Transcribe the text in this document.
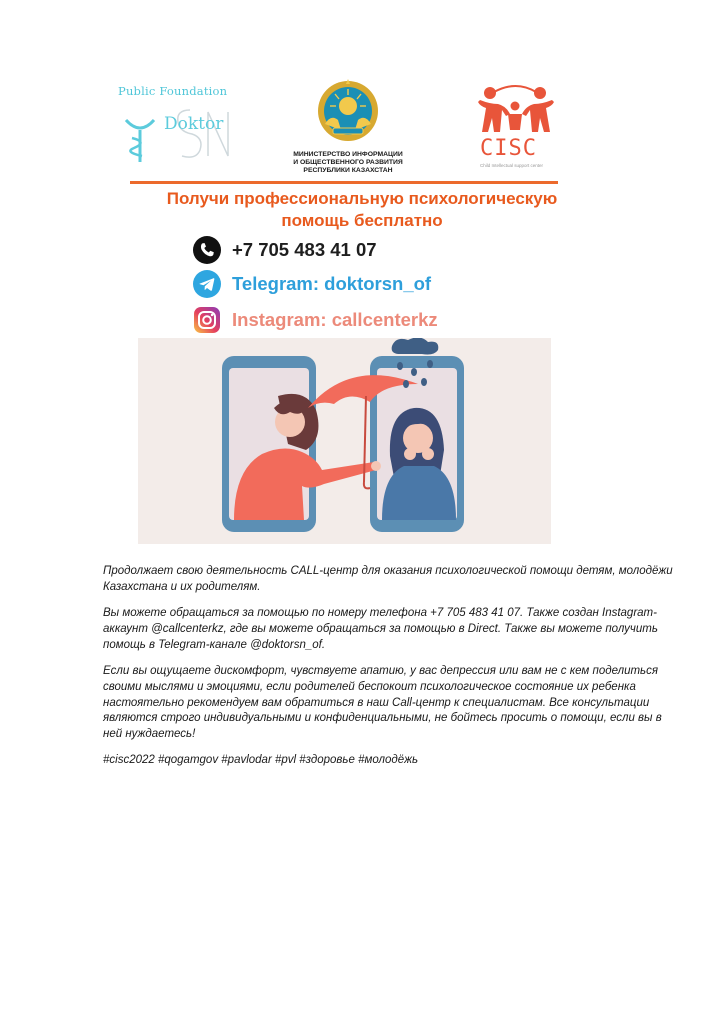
Public Foundation
Doktor
МИНИСТЕРСТВО ИНФОРМАЦИИ
И ОБЩЕСТВЕННОГО РАЗВИТИЯ
РЕСПУБЛИКИ КАЗАХСТАН
CISC
Child Intellectual support center
Получи профессиональную психологическую
помощь бесплатно
+7 705 483 41 07
Telegram: doktorsn_of
Instagram: callcenterkz

Продолжает свою деятельность CALL-центр для оказания психологической помощи детям, молодёжи Казахстана и их родителям.

Вы можете обращаться за помощью по номеру телефона +7 705 483 41 07. Также создан Instagram-аккаунт @callcenterkz, где вы можете обращаться за помощью в Direct. Также вы можете получить помощь в Telegram-канале @doktorsn_of.

Если вы ощущаете дискомфорт, чувствуете апатию, у вас депрессия или вам не с кем поделиться своими мыслями и эмоциями, если родителей беспокоит психологическое состояние их ребенка настоятельно рекомендуем вам обратиться в наш Call-центр к специалистам. Все консультации являются строго индивидуальными и конфиденциальными, не бойтесь просить о помощи, если вы в ней нуждаетесь!

#cisc2022 #qogamgov #pavlodar #pvl #здоровье #молодёжь
